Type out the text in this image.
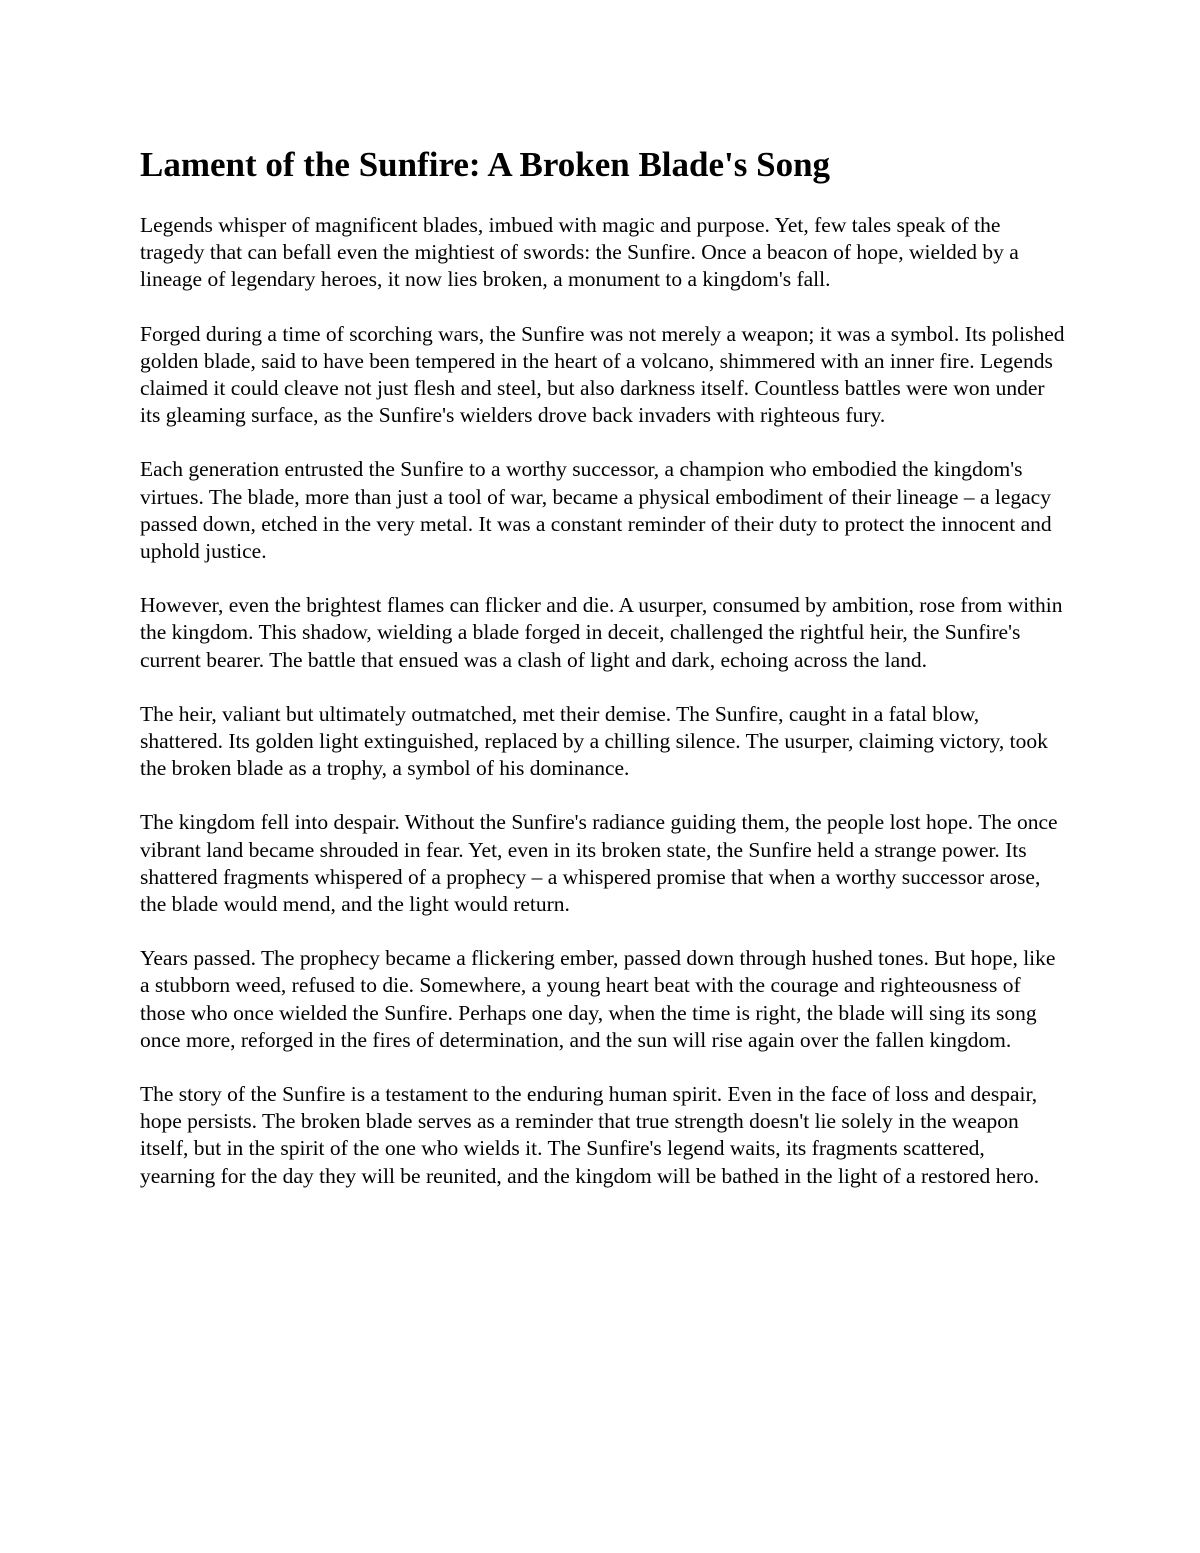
Lament of the Sunfire: A Broken Blade's Song

Legends whisper of magnificent blades, imbued with magic and purpose. Yet, few tales speak of the tragedy that can befall even the mightiest of swords: the Sunfire. Once a beacon of hope, wielded by a lineage of legendary heroes, it now lies broken, a monument to a kingdom's fall.

Forged during a time of scorching wars, the Sunfire was not merely a weapon; it was a symbol. Its polished golden blade, said to have been tempered in the heart of a volcano, shimmered with an inner fire. Legends claimed it could cleave not just flesh and steel, but also darkness itself. Countless battles were won under its gleaming surface, as the Sunfire's wielders drove back invaders with righteous fury.

Each generation entrusted the Sunfire to a worthy successor, a champion who embodied the kingdom's virtues. The blade, more than just a tool of war, became a physical embodiment of their lineage – a legacy passed down, etched in the very metal. It was a constant reminder of their duty to protect the innocent and uphold justice.

However, even the brightest flames can flicker and die. A usurper, consumed by ambition, rose from within the kingdom. This shadow, wielding a blade forged in deceit, challenged the rightful heir, the Sunfire's current bearer. The battle that ensued was a clash of light and dark, echoing across the land.

The heir, valiant but ultimately outmatched, met their demise. The Sunfire, caught in a fatal blow, shattered. Its golden light extinguished, replaced by a chilling silence. The usurper, claiming victory, took the broken blade as a trophy, a symbol of his dominance.

The kingdom fell into despair. Without the Sunfire's radiance guiding them, the people lost hope. The once vibrant land became shrouded in fear. Yet, even in its broken state, the Sunfire held a strange power. Its shattered fragments whispered of a prophecy – a whispered promise that when a worthy successor arose, the blade would mend, and the light would return.

Years passed. The prophecy became a flickering ember, passed down through hushed tones. But hope, like a stubborn weed, refused to die. Somewhere, a young heart beat with the courage and righteousness of those who once wielded the Sunfire. Perhaps one day, when the time is right, the blade will sing its song once more, reforged in the fires of determination, and the sun will rise again over the fallen kingdom.

The story of the Sunfire is a testament to the enduring human spirit. Even in the face of loss and despair, hope persists. The broken blade serves as a reminder that true strength doesn't lie solely in the weapon itself, but in the spirit of the one who wields it. The Sunfire's legend waits, its fragments scattered, yearning for the day they will be reunited, and the kingdom will be bathed in the light of a restored hero.
